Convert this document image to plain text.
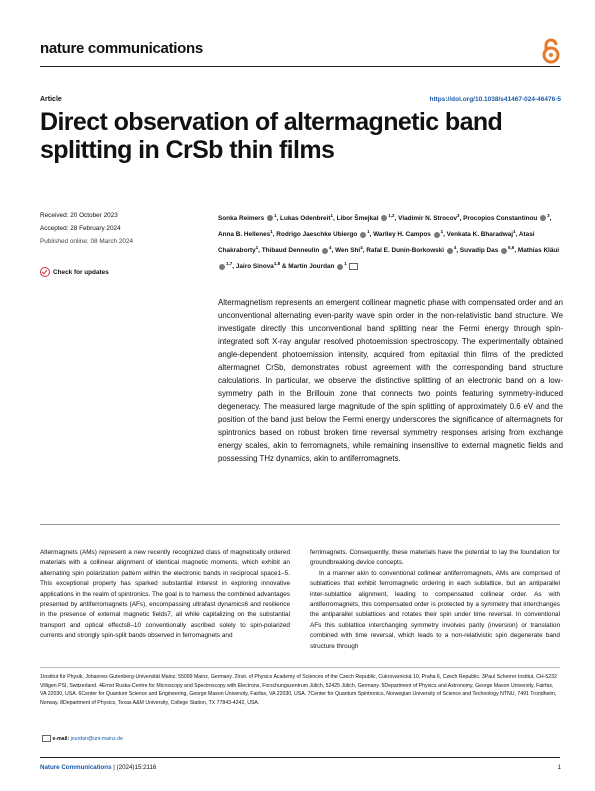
nature communications
Article	https://doi.org/10.1038/s41467-024-46476-5
Direct observation of altermagnetic band splitting in CrSb thin films
Received: 20 October 2023
Accepted: 28 February 2024
Published online: 08 March 2024
Check for updates
Sonka Reimers $^1$, Lukas Odenbreit$^1$, Libor Šmejkal $^{1,2}$, Vladimir N. Strocov$^3$, Procopios Constantinou $^3$, Anna B. Hellenes$^1$, Rodrigo Jaeschke Ubiergo $^1$, Warlley H. Campos $^1$, Venkata K. Bharadwaj$^1$, Atasi Chakraborty$^1$, Thibaud Denneulin $^4$, Wen Shi$^4$, Rafal E. Dunin-Borkowski $^4$, Suvadip Das $^{5,6}$, Mathias Kläui $^{1,7}$, Jairo Sinova$^{1,8}$ & Martin Jourdan $^1$
Altermagnetism represents an emergent collinear magnetic phase with compensated order and an unconventional alternating even-parity wave spin order in the non-relativistic band structure. We investigate directly this unconventional band splitting near the Fermi energy through spin-integrated soft X-ray angular resolved photoemission spectroscopy. The experimentally obtained angle-dependent photoemission intensity, acquired from epitaxial thin films of the predicted altermagnet CrSb, demonstrates robust agreement with the corresponding band structure calculations. In particular, we observe the distinctive splitting of an electronic band on a low-symmetry path in the Brillouin zone that connects two points featuring symmetry-induced degeneracy. The measured large magnitude of the spin splitting of approximately 0.6 eV and the position of the band just below the Fermi energy underscores the significance of altermagnets for spintronics based on robust broken time reversal symmetry responses arising from exchange energy scales, akin to ferromagnets, while remaining insensitive to external magnetic fields and possessing THz dynamics, akin to antiferromagnets.
Altermagnets (AMs) represent a new recently recognized class of magnetically ordered materials with a collinear alignment of identical magnetic moments, which exhibit an alternating spin polarization pattern within the electronic bands in reciprocal space1–5. This exceptional property has sparked substantial interest in exploring innovative applications in the realm of spintronics. The goal is to harness the combined advantages presented by antiferromagnets (AFs), encompassing ultrafast dynamics6 and resilience in the presence of external magnetic fields7, all while capitalizing on the substantial transport and optical effects8–10 conventionally ascribed solely to spin-polarized currents and strongly spin-split bands observed in ferromagnets and

ferrimagnets. Consequently, these materials have the potential to lay the foundation for groundbreaking device concepts.

In a manner akin to conventional collinear antiferromagnets, AMs are comprised of sublattices that exhibit ferromagnetic ordering in each sublattice, but an antiparallel inter-sublattice alignment, leading to compensated collinear order. As with antiferromagnets, this compensated order is protected by a symmetry that interchanges the antiparallel sublattices and rotates their spin under time reversal. In conventional AFs this sublattice interchanging symmetry involves parity (inversion) or translation combined with time reversal, which leads to a non-relativistic spin degenerate band structure through

1Institut für Physik, Johannes Gutenberg-Universität Mainz, 55099 Mainz, Germany. 2Inst. of Physics Academy of Sciences of the Czech Republic, Cukrovarnická 10, Praha 6, Czech Republic. 3Paul Scherrer Institut, CH-5232 Villigen PSI, Switzerland. 4Ernst Ruska-Centre for Microscopy and Spectroscopy with Electrons, Forschungszentrum Jülich, 52425 Jülich, Germany. 5Department of Physics and Astronomy, George Mason University, Fairfax, VA 22030, USA. 6Center for Quantum Science and Engineering, George Mason University, Fairfax, VA 22030, USA. 7Center for Quantum Spintronics, Norwegian University of Science and Technology NTNU, 7491 Trondheim, Norway. 8Department of Physics, Texas A&M University, College Station, TX 77843-4242, USA.
e-mail: jourdan@uni-mainz.de
Nature Communications | (2024)15:2116	1
